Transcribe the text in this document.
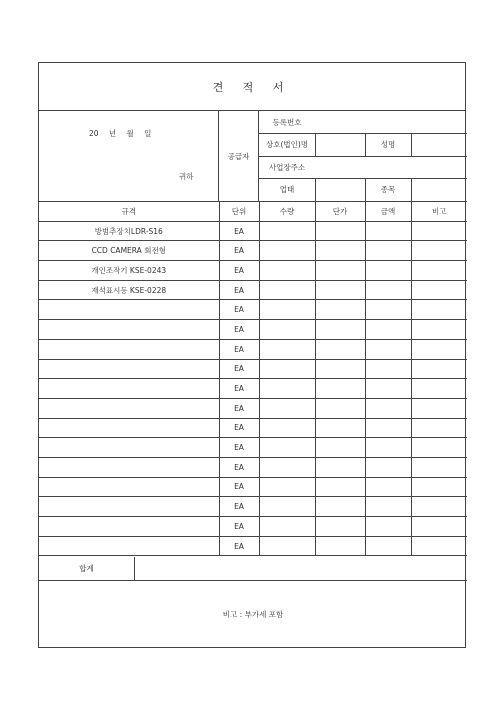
견 적 서
20 년 월 일
귀하
공급자
등록번호
상호(법인)명	성명
사업장주소
업태	종목
규격	단위	수량	단가	금액	비고
방범추장치LDR-S16	EA				
CCD CAMERA 회전형	EA				
개인조작기 KSE-0243	EA				
재석표시등 KSE-0228	EA				
	EA				
	EA				
	EA				
	EA				
	EA				
	EA				
	EA				
	EA				
	EA				
	EA				
	EA				
	EA				
	EA				
합계
비고 : 부가세 포함
